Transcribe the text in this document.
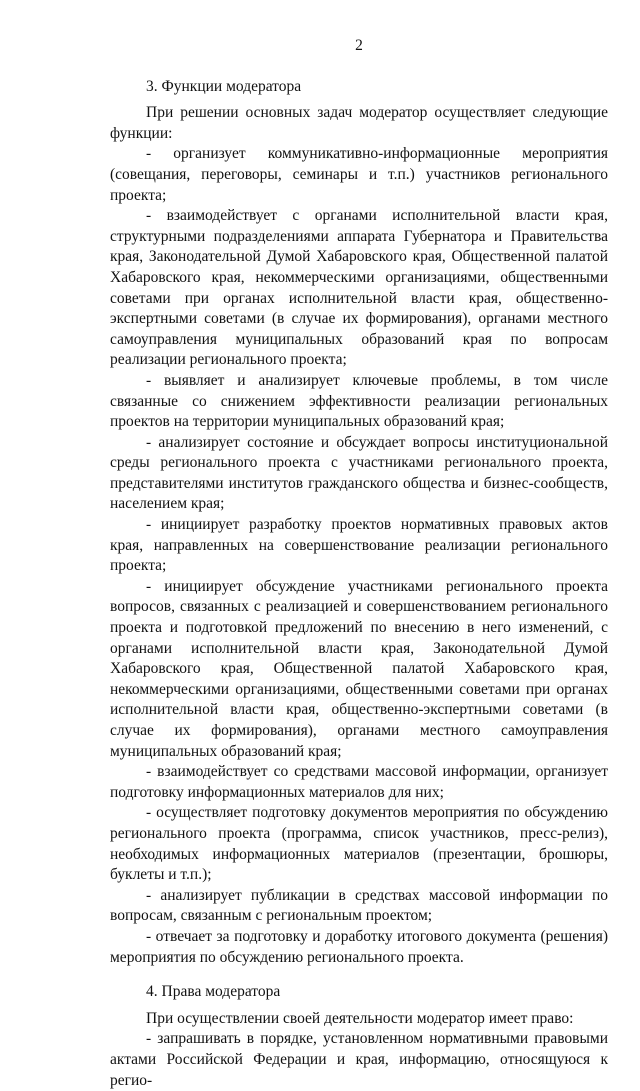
2

3. Функции модератора

При решении основных задач модератор осуществляет следующие функции:

- организует коммуникативно-информационные мероприятия (совещания, переговоры, семинары и т.п.) участников регионального проекта;

- взаимодействует с органами исполнительной власти края, структурными подразделениями аппарата Губернатора и Правительства края, Законодательной Думой Хабаровского края, Общественной палатой Хабаровского края, некоммерческими организациями, общественными советами при органах исполнительной власти края, общественно-экспертными советами (в случае их формирования), органами местного самоуправления муниципальных образований края по вопросам реализации регионального проекта;

- выявляет и анализирует ключевые проблемы, в том числе связанные со снижением эффективности реализации региональных проектов на территории муниципальных образований края;

- анализирует состояние и обсуждает вопросы институциональной среды регионального проекта с участниками регионального проекта, представителями институтов гражданского общества и бизнес-сообществ, населением края;

- инициирует разработку проектов нормативных правовых актов края, направленных на совершенствование реализации регионального проекта;

- инициирует обсуждение участниками регионального проекта вопросов, связанных с реализацией и совершенствованием регионального проекта и подготовкой предложений по внесению в него изменений, с органами исполнительной власти края, Законодательной Думой Хабаровского края, Общественной палатой Хабаровского края, некоммерческими организациями, общественными советами при органах исполнительной власти края, общественно-экспертными советами (в случае их формирования), органами местного самоуправления муниципальных образований края;

- взаимодействует со средствами массовой информации, организует подготовку информационных материалов для них;

- осуществляет подготовку документов мероприятия по обсуждению регионального проекта (программа, список участников, пресс-релиз), необходимых информационных материалов (презентации, брошюры, буклеты и т.п.);

- анализирует публикации в средствах массовой информации по вопросам, связанным с региональным проектом;

- отвечает за подготовку и доработку итогового документа (решения) мероприятия по обсуждению регионального проекта.

4. Права модератора

При осуществлении своей деятельности модератор имеет право:

- запрашивать в порядке, установленном нормативными правовыми актами Российской Федерации и края, информацию, относящуюся к регио-
